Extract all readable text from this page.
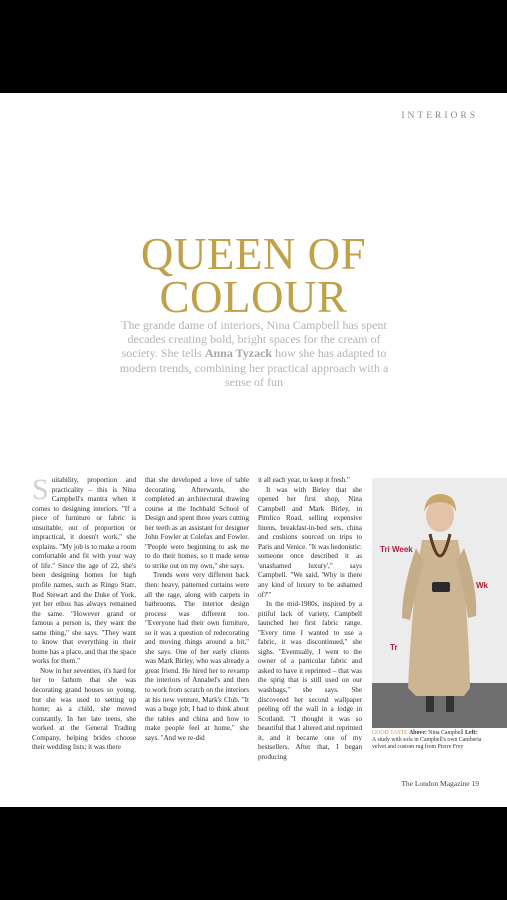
INTERIORS
QUEEN OF
COLOUR
The grande dame of interiors, Nina Campbell has spent decades creating bold, bright spaces for the cream of society. She tells Anna Tyzack how she has adapted to modern trends, combining her practical approach with a sense of fun

Suitability, proportion and practicality – this is Nina Campbell's mantra when it comes to designing interiors. "If a piece of furniture or fabric is unsuitable, out of proportion or impractical, it doesn't work," she explains. "My job is to make a room comfortable and fit with your way of life." Since the age of 22, she's been designing homes for high profile names, such as Ringo Starr, Rod Stewart and the Duke of York, yet her ethos has always remained the same. "However grand or famous a person is, they want the same thing," she says. "They want to know that everything in their home has a place, and that the space works for them."

Now in her seventies, it's hard for her to fathom that she was decorating grand houses so young, but she was used to setting up home; as a child, she moved constantly. In her late teens, she worked at the General Trading Company, helping brides choose their wedding lists; it was there

that she developed a love of table decorating. Afterwards, she completed an architectural drawing course at the Inchbald School of Design and spent three years cutting her teeth as an assistant for designer John Fowler at Colefax and Fowler. "People were beginning to ask me to do their homes, so it made sense to strike out on my own," she says.

Trends were very different back then: heavy, patterned curtains were all the rage, along with carpets in bathrooms. The interior design process was different too. "Everyone had their own furniture, so it was a question of redecorating and moving things around a bit," she says. One of her early clients was Mark Birley, who was already a great friend. He hired her to revamp the interiors of Annabel's and then to work from scratch on the interiors at his new venture, Mark's Club. "It was a huge job; I had to think about the tables and china and how to make people feel at home," she says. "And we re-did

it all each year, to keep it fresh."

It was with Birley that she opened her first shop, Nina Campbell and Mark Birley, in Pimlico Road, selling expensive linens, breakfast-in-bed sets, china and cushions sourced on trips to Paris and Venice. "It was hedonistic: someone once described it as 'unashamed luxury'," says Campbell. "We said, 'Why is there any kind of luxury to be ashamed of?'"

In the mid-1980s, inspired by a pitiful lack of variety, Campbell launched her first fabric range. "Every time I wanted to use a fabric, it was discontinued," she sighs. "Eventually, I went to the owner of a particular fabric and asked to have it reprinted – that was the sprig that is still used on our washbags," she says. She discovered her second wallpaper peeling off the wall in a lodge in Scotland. "I thought it was so beautiful that I altered and reprinted it, and it became one of my bestsellers. After that, I began producing

Tri Week
Wk
Tr
GOOD TASTE Above: Nina Campbell Left: A study with sofa in Campbell's own Camberia velvet and custom rug from Pierre Frey
The London Magazine 19
